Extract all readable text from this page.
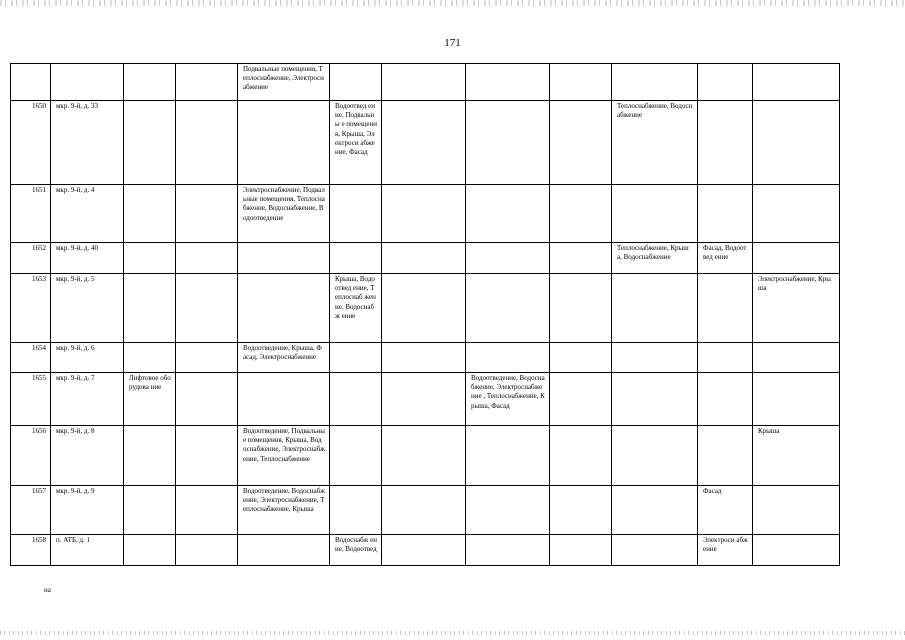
171
				Подвальные помещения, Теплоснабжение, Электроснабжение							
1650	мкр. 9-й, д. 33				Водоотвед ение, Подвальны е помещени я, Крыша, Электроси абжение, Фасад				Теплоснабжение, Водоснабжение		
1651	мкр. 9-й, д. 4			Электроснабжение, Подвальные помещения, Теплоснабжение, Водоснабжение, Водоотведение							
1652	мкр. 9-й, д. 40								Теплоснабжение, Крыша, Водоснабжение	Фасад, Водоотвед ение	
1653	мкр. 9-й, д. 5				Крыша, Водоотвед ение, Теплосиаб жение, Водоснабж ение						Электроснабжение, Крыша
1654	мкр. 9-й, д. 6			Водоотведение, Крыша, Фасад, Электроснабжение							
1655	мкр. 9-й, д. 7	Лифтовое оборудова ние					Водоотведение, Водоснабжение, Электроснабжение , Теплоснабжение, Крыша, Фасад				
1656	мкр. 9-й, д. 8			Водоотведение, Подвальные помещения, Крыша, Водоснабжение, Электроснабжение, Теплоснабжение							Крыша
1657	мкр. 9-й, д. 9			Водоотведение, Водоснабжение, Электроснабжение, Теплоснабжение, Крыша						Фасад	
1658	п. АТБ, д. 1				Водоснабж ение, Водоотвед					Электроси абжение	
на
